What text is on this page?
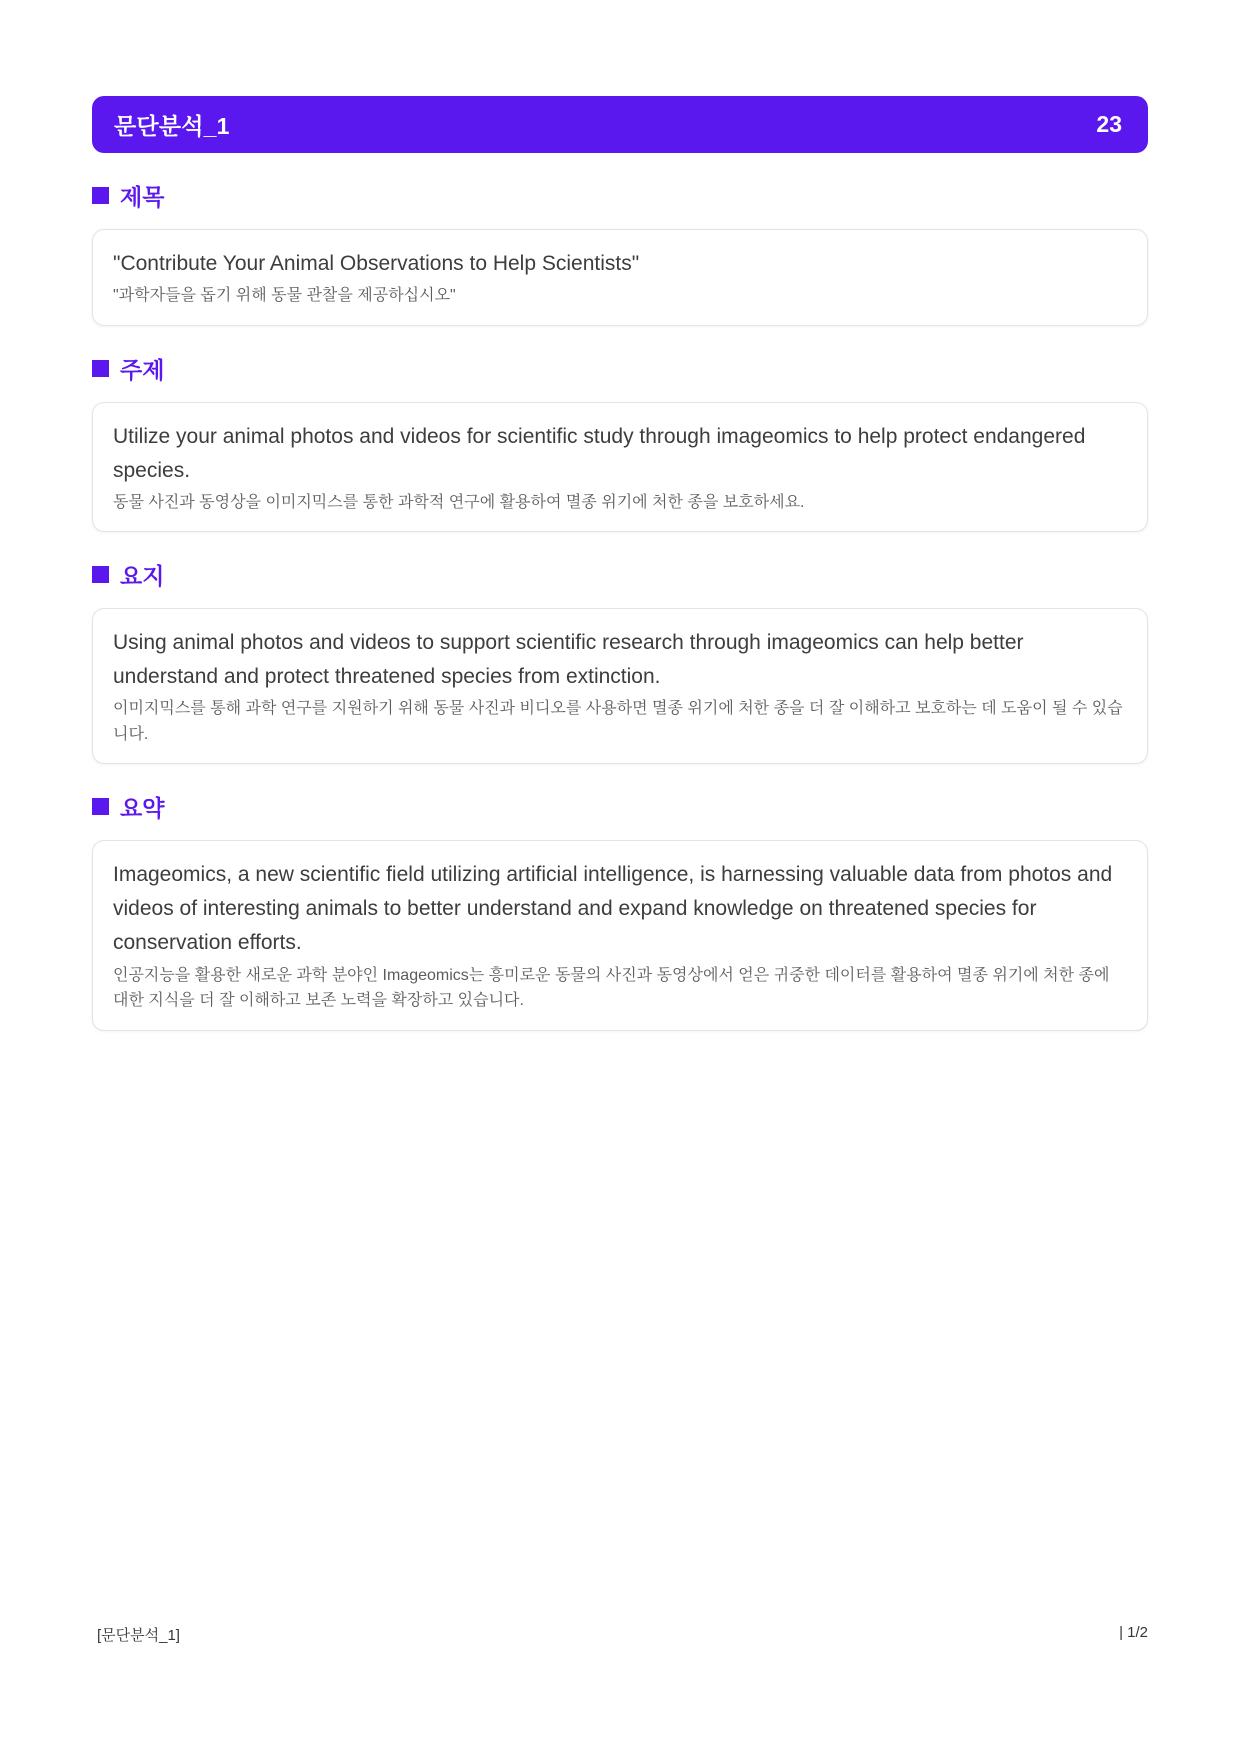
문단분석_1	23
제목

"Contribute Your Animal Observations to Help Scientists"

"과학자들을 돕기 위해 동물 관찰을 제공하십시오"

주제

Utilize your animal photos and videos for scientific study through imageomics to help protect endangered species.

동물 사진과 동영상을 이미지믹스를 통한 과학적 연구에 활용하여 멸종 위기에 처한 종을 보호하세요.

요지

Using animal photos and videos to support scientific research through imageomics can help better understand and protect threatened species from extinction.

이미지믹스를 통해 과학 연구를 지원하기 위해 동물 사진과 비디오를 사용하면 멸종 위기에 처한 종을 더 잘 이해하고 보호하는 데 도움이 될 수 있습니다.

요약

Imageomics, a new scientific field utilizing artificial intelligence, is harnessing valuable data from photos and videos of interesting animals to better understand and expand knowledge on threatened species for conservation efforts.

인공지능을 활용한 새로운 과학 분야인 Imageomics는 흥미로운 동물의 사진과 동영상에서 얻은 귀중한 데이터를 활용하여 멸종 위기에 처한 종에 대한 지식을 더 잘 이해하고 보존 노력을 확장하고 있습니다.

[문단분석_1]	| 1/2
